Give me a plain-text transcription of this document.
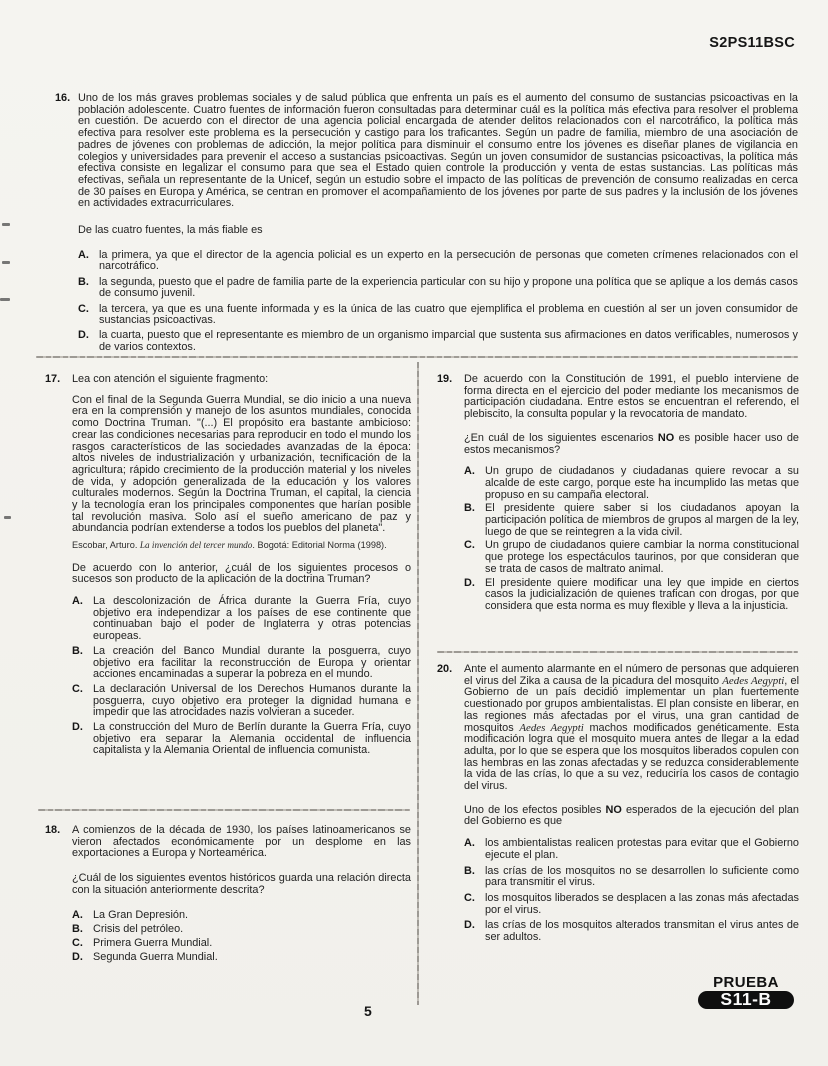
S2PS11BSC
16. Uno de los más graves problemas sociales y de salud pública que enfrenta un país es el aumento del consumo de sustancias psicoactivas en la población adolescente. Cuatro fuentes de información fueron consultadas para determinar cuál es la política más efectiva para resolver el problema en cuestión. De acuerdo con el director de una agencia policial encargada de atender delitos relacionados con el narcotráfico, la política más efectiva para resolver este problema es la persecución y castigo para los traficantes. Según un padre de familia, miembro de una asociación de padres de jóvenes con problemas de adicción, la mejor política para disminuir el consumo entre los jóvenes es diseñar planes de vigilancia en colegios y universidades para prevenir el acceso a sustancias psicoactivas. Según un joven consumidor de sustancias psicoactivas, la política más efectiva consiste en legalizar el consumo para que sea el Estado quien controle la producción y venta de estas sustancias. Las políticas más efectivas, señala un representante de la Unicef, según un estudio sobre el impacto de las políticas de prevención de consumo realizadas en cerca de 30 países en Europa y América, se centran en promover el acompañamiento de los jóvenes por parte de sus padres y la inclusión de los jóvenes en actividades extracurriculares.
De las cuatro fuentes, la más fiable es
A. la primera, ya que el director de la agencia policial es un experto en la persecución de personas que cometen crímenes relacionados con el narcotráfico.
B. la segunda, puesto que el padre de familia parte de la experiencia particular con su hijo y propone una política que se aplique a los demás casos de consumo juvenil.
C. la tercera, ya que es una fuente informada y es la única de las cuatro que ejemplifica el problema en cuestión al ser un joven consumidor de sustancias psicoactivas.
D. la cuarta, puesto que el representante es miembro de un organismo imparcial que sustenta sus afirmaciones en datos verificables, numerosos y de varios contextos.
17.	Lea con atención el siguiente fragmento:
Con el final de la Segunda Guerra Mundial, se dio inicio a una nueva era en la comprensión y manejo de los asuntos mundiales, conocida como Doctrina Truman. "(...) El propósito era bastante ambicioso: crear las condiciones necesarias para reproducir en todo el mundo los rasgos característicos de las sociedades avanzadas de la época: altos niveles de industrialización y urbanización, tecnificación de la agricultura; rápido crecimiento de la producción material y los niveles de vida, y adopción generalizada de la educación y los valores culturales modernos. Según la Doctrina Truman, el capital, la ciencia y la tecnología eran los principales componentes que harían posible tal revolución masiva. Solo así el sueño americano de paz y abundancia podrían extenderse a todos los pueblos del planeta".
Escobar, Arturo. La invención del tercer mundo. Bogotá: Editorial Norma (1998).
De acuerdo con lo anterior, ¿cuál de los siguientes procesos o sucesos son producto de la aplicación de la doctrina Truman?
A. La descolonización de África durante la Guerra Fría, cuyo objetivo era independizar a los países de ese continente que continuaban bajo el poder de Inglaterra y otras potencias europeas.
B. La creación del Banco Mundial durante la posguerra, cuyo objetivo era facilitar la reconstrucción de Europa y orientar acciones encaminadas a superar la pobreza en el mundo.
C. La declaración Universal de los Derechos Humanos durante la posguerra, cuyo objetivo era proteger la dignidad humana e impedir que las atrocidades nazis volvieran a suceder.
D. La construcción del Muro de Berlín durante la Guerra Fría, cuyo objetivo era separar la Alemania occidental de influencia capitalista y la Alemania Oriental de influencia comunista.
18.	A comienzos de la década de 1930, los países latinoamericanos se vieron afectados económicamente por un desplome en las exportaciones a Europa y Norteamérica.
¿Cuál de los siguientes eventos históricos guarda una relación directa con la situación anteriormente descrita?
A. La Gran Depresión.
B. Crisis del petróleo.
C. Primera Guerra Mundial.
D. Segunda Guerra Mundial.
19.	De acuerdo con la Constitución de 1991, el pueblo interviene de forma directa en el ejercicio del poder mediante los mecanismos de participación ciudadana. Entre estos se encuentran el referendo, el plebiscito, la consulta popular y la revocatoria de mandato.
¿En cuál de los siguientes escenarios NO es posible hacer uso de estos mecanismos?
A. Un grupo de ciudadanos y ciudadanas quiere revocar a su alcalde de este cargo, porque este ha incumplido las metas que propuso en su campaña electoral.
B. El presidente quiere saber si los ciudadanos apoyan la participación política de miembros de grupos al margen de la ley, luego de que se reintegren a la vida civil.
C. Un grupo de ciudadanos quiere cambiar la norma constitucional que protege los espectáculos taurinos, por que consideran que se trata de casos de maltrato animal.
D. El presidente quiere modificar una ley que impide en ciertos casos la judicialización de quienes trafican con drogas, por que considera que esta norma es muy flexible y lleva a la injusticia.
20.	Ante el aumento alarmante en el número de personas que adquieren el virus del Zika a causa de la picadura del mosquito Aedes Aegypti, el Gobierno de un país decidió implementar un plan fuertemente cuestionado por grupos ambientalistas. El plan consiste en liberar, en las regiones más afectadas por el virus, una gran cantidad de mosquitos Aedes Aegypti machos modificados genéticamente. Esta modificación logra que el mosquito muera antes de llegar a la edad adulta, por lo que se espera que los mosquitos liberados copulen con las hembras en las zonas afectadas y se reduzca considerablemente la vida de las crías, lo que a su vez, reduciría los casos de contagio del virus.
Uno de los efectos posibles NO esperados de la ejecución del plan del Gobierno es que
A. los ambientalistas realicen protestas para evitar que el Gobierno ejecute el plan.
B. las crías de los mosquitos no se desarrollen lo suficiente como para transmitir el virus.
C. los mosquitos liberados se desplacen a las zonas más afectadas por el virus.
D. las crías de los mosquitos alterados transmitan el virus antes de ser adultos.
5
PRUEBA
S11-B
